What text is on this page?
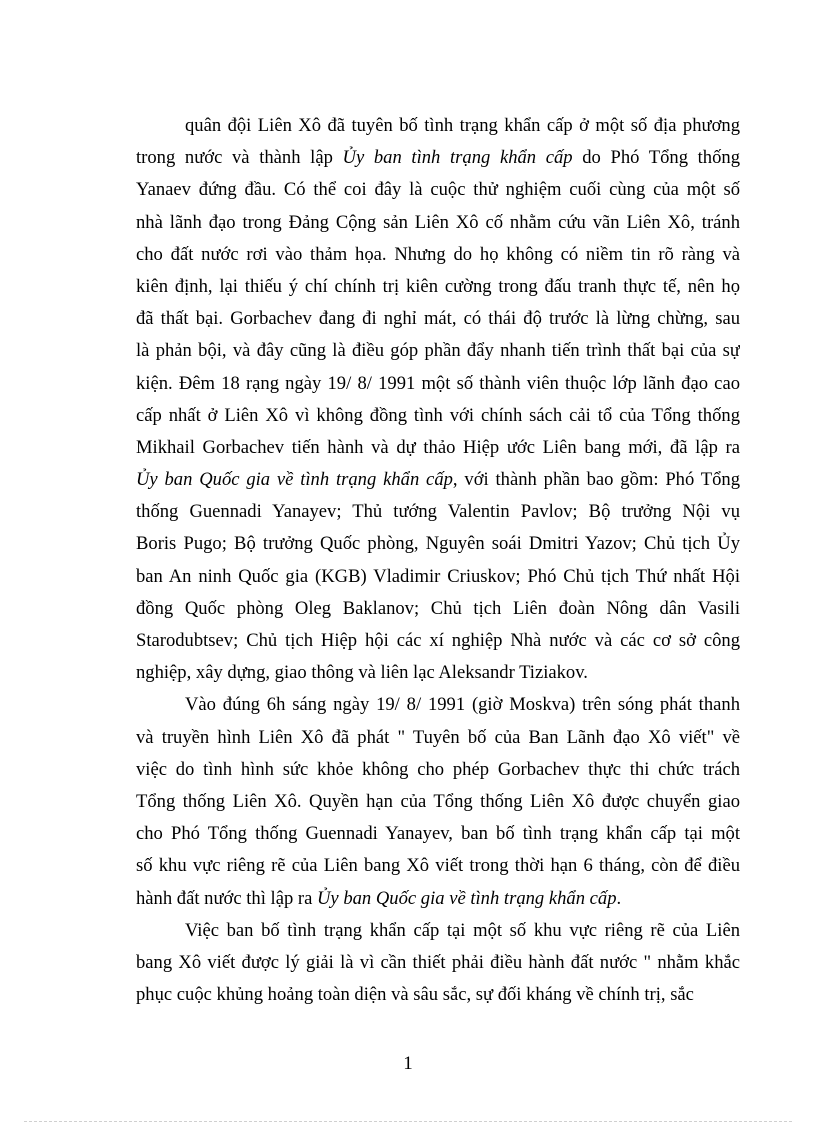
quân đội Liên Xô đã tuyên bố tình trạng khẩn cấp ở một số địa phương
trong nước và thành lập Ủy ban tình trạng khẩn cấp do Phó Tổng thống
Yanaev đứng đầu. Có thể coi đây là cuộc thử nghiệm cuối cùng của một số
nhà lãnh đạo trong Đảng Cộng sản Liên Xô cố nhằm cứu vãn Liên Xô, tránh
cho đất nước rơi vào thảm họa. Nhưng do họ không có niềm tin rõ ràng và
kiên định, lại thiếu ý chí chính trị kiên cường trong đấu tranh thực tế, nên họ
đã thất bại. Gorbachev đang đi nghỉ mát, có thái độ trước là lừng chừng, sau
là phản bội, và đây cũng là điều góp phần đẩy nhanh tiến trình thất bại của sự
kiện. Đêm 18 rạng ngày 19/ 8/ 1991 một số thành viên thuộc lớp lãnh đạo cao
cấp nhất ở Liên Xô vì không đồng tình với chính sách cải tổ của Tổng thống
Mikhail Gorbachev tiến hành và dự thảo Hiệp ước Liên bang mới, đã lập ra
Ủy ban Quốc gia về tình trạng khẩn cấp, với thành phần bao gồm: Phó Tổng
thống Guennadi Yanayev; Thủ tướng Valentin Pavlov; Bộ trưởng Nội vụ
Boris Pugo; Bộ trưởng Quốc phòng, Nguyên soái Dmitri Yazov; Chủ tịch Ủy
ban An ninh Quốc gia (KGB) Vladimir Criuskov; Phó Chủ tịch Thứ nhất Hội
đồng Quốc phòng Oleg Baklanov; Chủ tịch Liên đoàn Nông dân Vasili
Starodubtsev; Chủ tịch Hiệp hội các xí nghiệp Nhà nước và các cơ sở công
nghiệp, xây dựng, giao thông và liên lạc Aleksandr Tiziakov.
Vào đúng 6h sáng ngày 19/ 8/ 1991 (giờ Moskva) trên sóng phát thanh
và truyền hình Liên Xô đã phát " Tuyên bố của Ban Lãnh đạo Xô viết" về
việc do tình hình sức khỏe không cho phép Gorbachev thực thi chức trách
Tổng thống Liên Xô. Quyền hạn của Tổng thống Liên Xô được chuyển giao
cho Phó Tổng thống Guennadi Yanayev, ban bố tình trạng khẩn cấp tại một
số khu vực riêng rẽ của Liên bang Xô viết trong thời hạn 6 tháng, còn để điều
hành đất nước thì lập ra Ủy ban Quốc gia về tình trạng khẩn cấp.
Việc ban bố tình trạng khẩn cấp tại một số khu vực riêng rẽ của Liên
bang Xô viết được lý giải là vì cần thiết phải điều hành đất nước " nhằm khắc
phục cuộc khủng hoảng toàn diện và sâu sắc, sự đối kháng về chính trị, sắc
1
